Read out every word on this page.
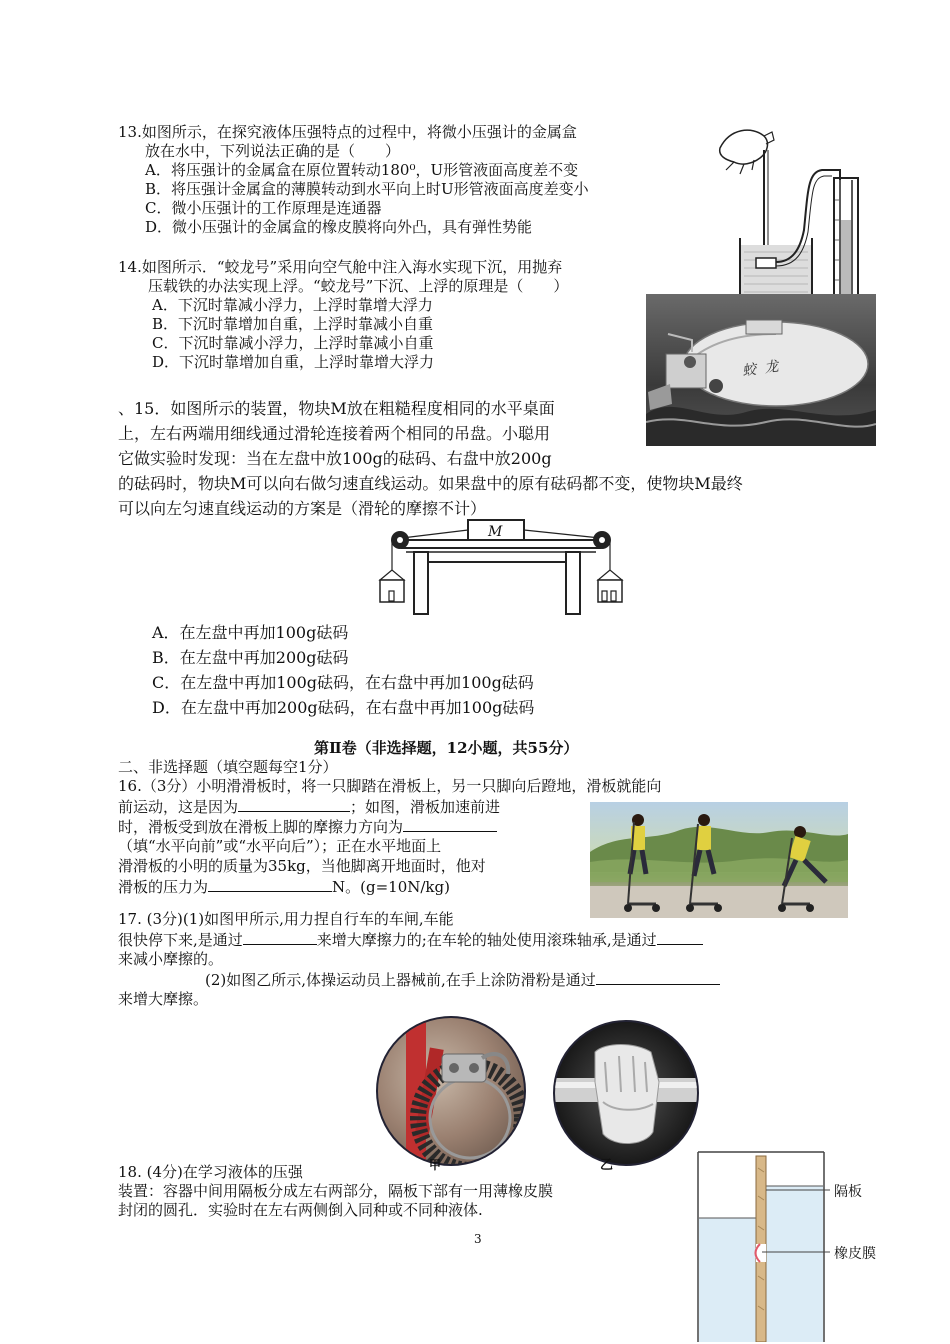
13.如图所示，在探究液体压强特点的过程中，将微小压强计的金属盒
放在水中，下列说法正确的是（　　）
A．将压强计的金属盒在原位置转动180⁰，U形管液面高度差不变
B．将压强计金属盒的薄膜转动到水平向上时U形管液面高度差变小
C．微小压强计的工作原理是连通器
D．微小压强计的金属盒的橡皮膜将向外凸，具有弹性势能
14.如图所示．“蛟龙号”采用向空气舱中注入海水实现下沉，用抛弃
压载铁的办法实现上浮。“蛟龙号”下沉、上浮的原理是（　　）
A．下沉时靠减小浮力，上浮时靠增大浮力
B．下沉时靠增加自重，上浮时靠减小自重
C．下沉时靠减小浮力，上浮时靠减小自重
D．下沉时靠增加自重，上浮时靠增大浮力	蛟 龙
、15．如图所示的装置，物块M放在粗糙程度相同的水平桌面
上，左右两端用细线通过滑轮连接着两个相同的吊盘。小聪用
它做实验时发现：当在左盘中放100g的砝码、右盘中放200g
的砝码时，物块M可以向右做匀速直线运动。如果盘中的原有砝码都不变，使物块M最终
可以向左匀速直线运动的方案是（滑轮的摩擦不计）
M
A．在左盘中再加100g砝码
B．在左盘中再加200g砝码
C．在左盘中再加100g砝码，在右盘中再加100g砝码
D．在左盘中再加200g砝码，在右盘中再加100g砝码
第Ⅱ卷（非选择题，12小题，共55分）
二、非选择题（填空题每空1分）
16.（3分）小明滑滑板时，将一只脚踏在滑板上，另一只脚向后蹬地，滑板就能向
前运动，这是因为	；如图，滑板加速前进
时，滑板受到放在滑板上脚的摩擦力方向为
（填“水平向前”或“水平向后”）；正在水平地面上
滑滑板的小明的质量为35kg，当他脚离开地面时，他对
滑板的压力为	N。(g=10N/kg)
17. (3分)(1)如图甲所示,用力捏自行车的车闸,车能
很快停下来,是通过	来增大摩擦力的;在车轮的轴处使用滚珠轴承,是通过
来减小摩擦的。
(2)如图乙所示,体操运动员上器械前,在手上涂防滑粉是通过
来增大摩擦。
甲	乙
18. (4分)在学习液体的压强
装置：容器中间用隔板分成左右两部分，隔板下部有一用薄橡皮膜
封闭的圆孔．实验时在左右两侧倒入同种或不同种液体.
隔板
橡皮膜
3
